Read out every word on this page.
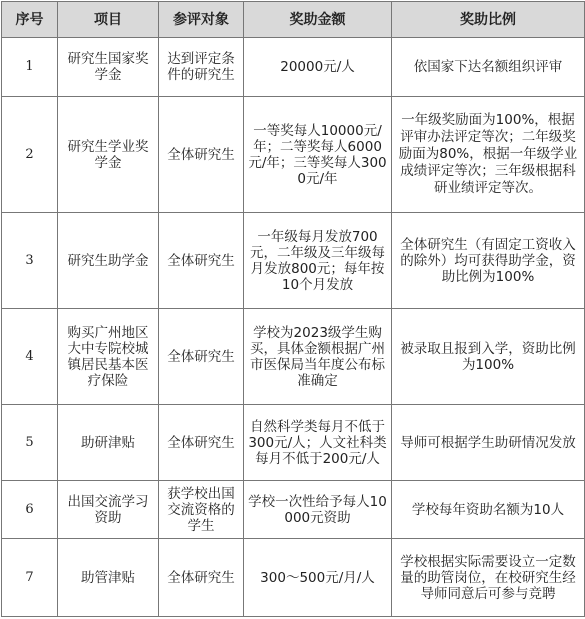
序号	项目	参评对象	奖助金额	奖助比例
1	研究生国家奖学金	达到评定条件的研究生	20000元/人	依国家下达名额组织评审
2	研究生学业奖学金	全体研究生	一等奖每人10000元/年；二等奖每人6000元/年；三等奖每人3000元/年	一年级奖励面为100%，根据评审办法评定等次；二年级奖励面为80%，根据一年级学业成绩评定等次；三年级根据科研业绩评定等次。
3	研究生助学金	全体研究生	一年级每月发放700元，二年级及三年级每月发放800元；每年按10个月发放	全体研究生（有固定工资收入的除外）均可获得助学金，资助比例为100%
4	购买广州地区大中专院校城镇居民基本医疗保险	全体研究生	学校为2023级学生购买，具体金额根据广州市医保局当年度公布标准确定	被录取且报到入学，资助比例为100%
5	助研津贴	全体研究生	自然科学类每月不低于300元/人；人文社科类每月不低于200元/人	导师可根据学生助研情况发放
6	出国交流学习资助	获学校出国交流资格的学生	学校一次性给予每人10000元资助	学校每年资助名额为10人
7	助管津贴	全体研究生	300～500元/月/人	学校根据实际需要设立一定数量的助管岗位，在校研究生经导师同意后可参与竞聘
